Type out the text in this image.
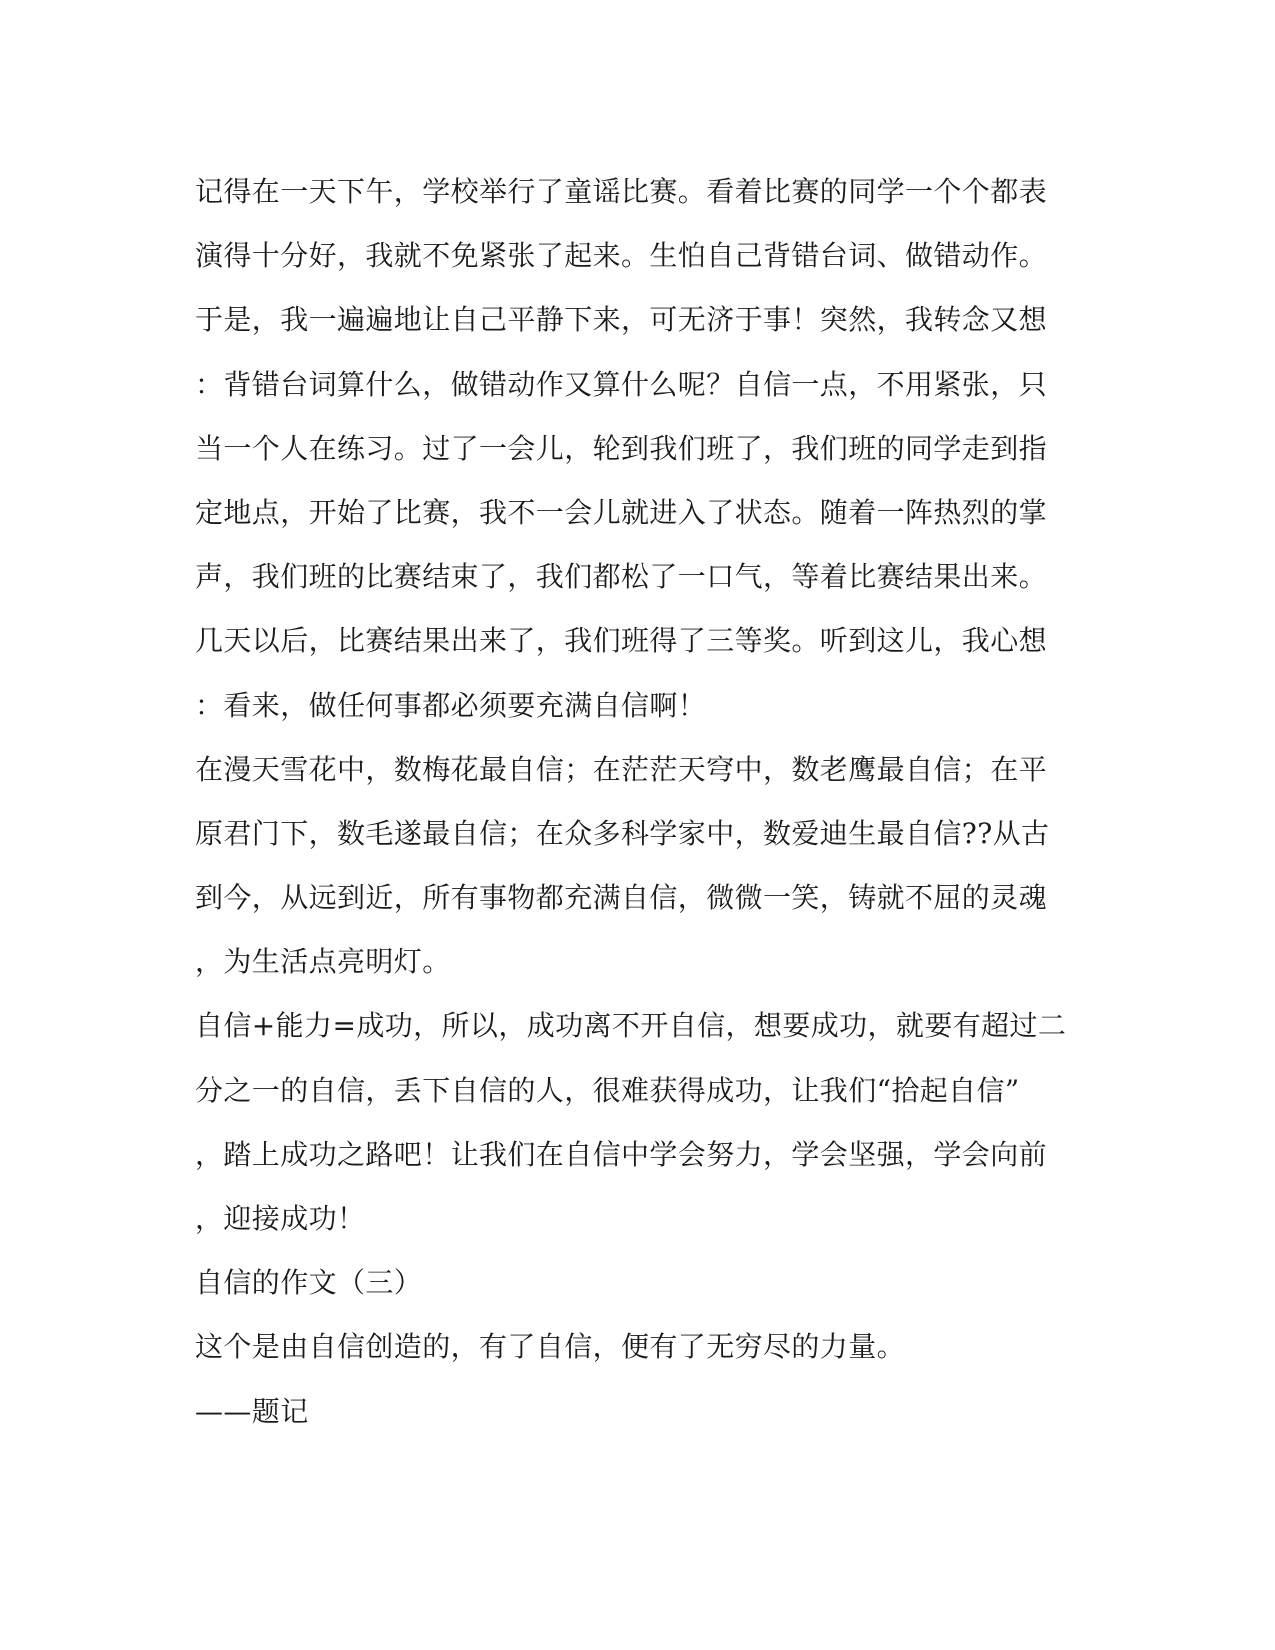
记得在一天下午，学校举行了童谣比赛。看着比赛的同学一个个都表
演得十分好，我就不免紧张了起来。生怕自己背错台词、做错动作。
于是，我一遍遍地让自己平静下来，可无济于事！突然，我转念又想
：背错台词算什么，做错动作又算什么呢？自信一点，不用紧张，只
当一个人在练习。过了一会儿，轮到我们班了，我们班的同学走到指
定地点，开始了比赛，我不一会儿就进入了状态。随着一阵热烈的掌
声，我们班的比赛结束了，我们都松了一口气，等着比赛结果出来。
几天以后，比赛结果出来了，我们班得了三等奖。听到这儿，我心想
：看来，做任何事都必须要充满自信啊！
在漫天雪花中，数梅花最自信；在茫茫天穹中，数老鹰最自信；在平
原君门下，数毛遂最自信；在众多科学家中，数爱迪生最自信??从古
到今，从远到近，所有事物都充满自信，微微一笑，铸就不屈的灵魂
，为生活点亮明灯。
自信+能力=成功，所以，成功离不开自信，想要成功，就要有超过二
分之一的自信，丢下自信的人，很难获得成功，让我们“拾起自信”
，踏上成功之路吧！让我们在自信中学会努力，学会坚强，学会向前
，迎接成功！
自信的作文（三）
这个是由自信创造的，有了自信，便有了无穷尽的力量。
——题记
